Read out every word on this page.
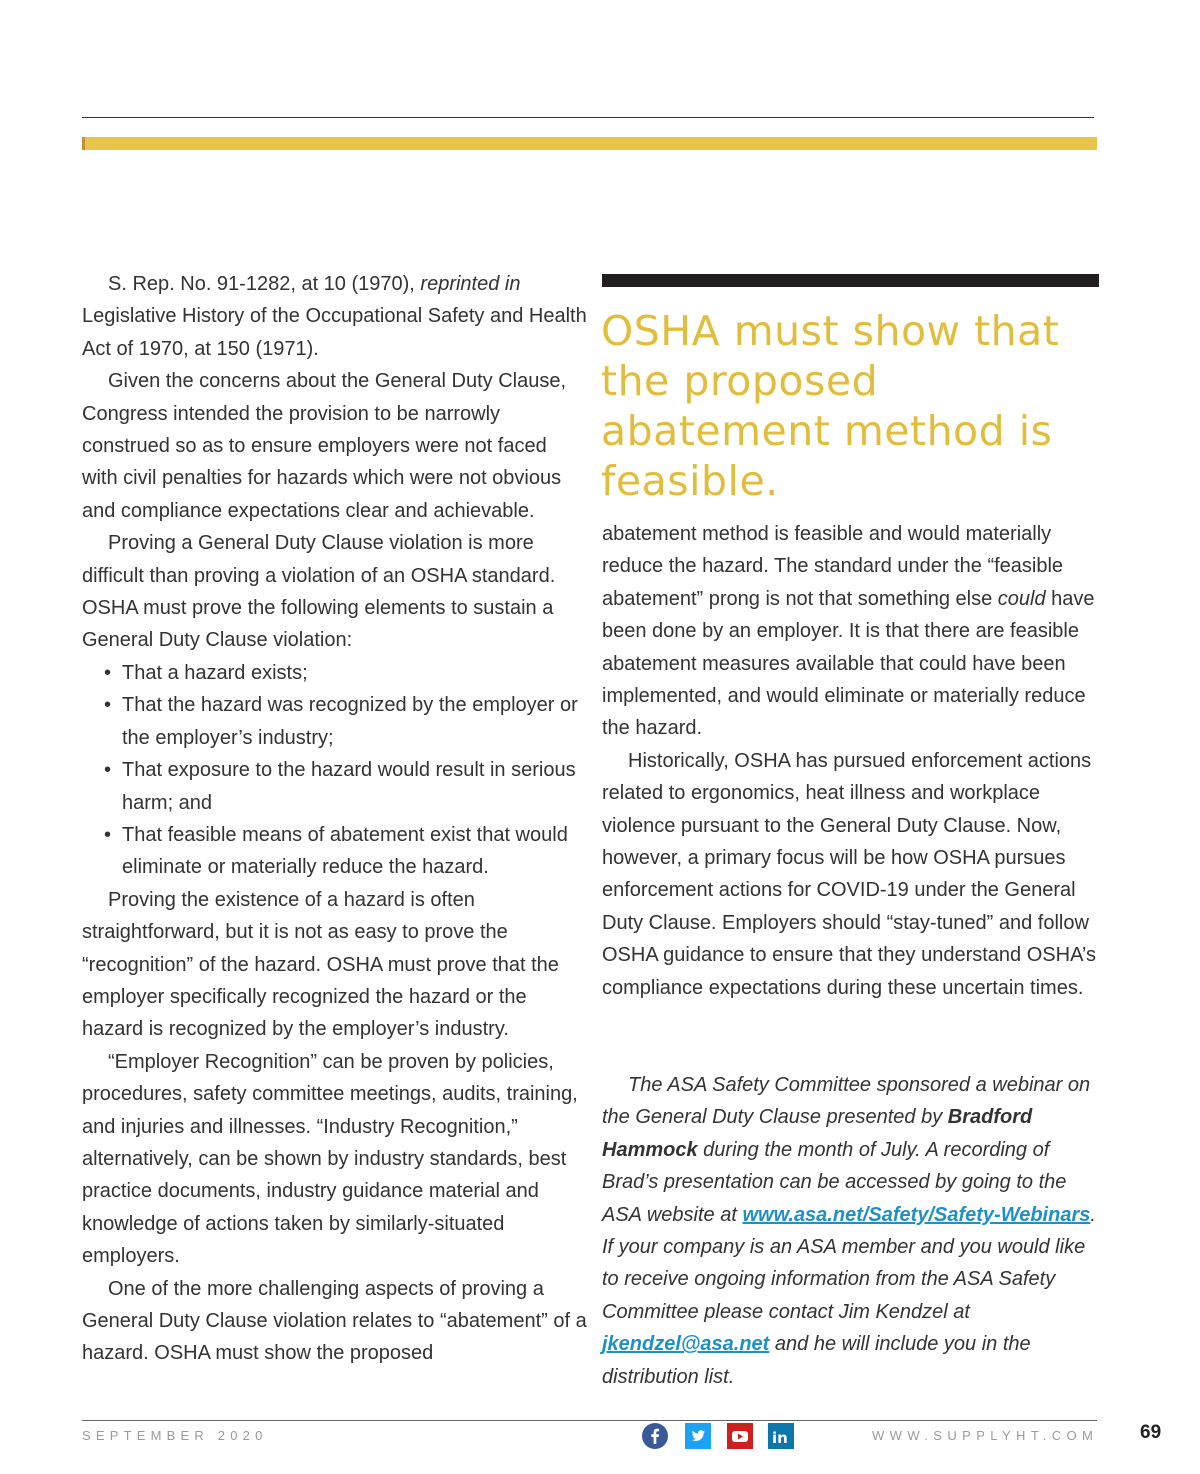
S. Rep. No. 91-1282, at 10 (1970), reprinted in

Legislative History of the Occupational Safety and Health Act of 1970, at 150 (1971).

Given the concerns about the General Duty Clause, Congress intended the provision to be narrowly construed so as to ensure employers were not faced with civil penalties for hazards which were not obvious and compliance expectations clear and achievable.

Proving a General Duty Clause violation is more difficult than proving a violation of an OSHA standard. OSHA must prove the following elements to sustain a General Duty Clause violation:

• That a hazard exists;
• That the hazard was recognized by the employer or the employer’s industry;
• That exposure to the hazard would result in serious harm; and
• That feasible means of abatement exist that would eliminate or materially reduce the hazard.

Proving the existence of a hazard is often straightforward, but it is not as easy to prove the “recognition” of the hazard. OSHA must prove that the employer specifically recognized the hazard or the hazard is recognized by the employer’s industry.

“Employer Recognition” can be proven by policies, procedures, safety committee meetings, audits, training, and injuries and illnesses. “Industry Recognition,” alternatively, can be shown by industry standards, best practice documents, industry guidance material and knowledge of actions taken by similarly-situated employers.

One of the more challenging aspects of proving a General Duty Clause violation relates to “abatement” of a hazard. OSHA must show the proposed

OSHA must show that the proposed abatement method is feasible.

abatement method is feasible and would materially reduce the hazard. The standard under the “feasible abatement” prong is not that something else could have been done by an employer. It is that there are feasible abatement measures available that could have been implemented, and would eliminate or materially reduce the hazard.

Historically, OSHA has pursued enforcement actions related to ergonomics, heat illness and workplace violence pursuant to the General Duty Clause. Now, however, a primary focus will be how OSHA pursues enforcement actions for COVID-19 under the General Duty Clause. Employers should “stay-tuned” and follow OSHA guidance to ensure that they understand OSHA’s compliance expectations during these uncertain times.

The ASA Safety Committee sponsored a webinar on the General Duty Clause presented by Bradford Hammock during the month of July. A recording of Brad’s presentation can be accessed by going to the ASA website at www.asa.net/Safety/Safety-Webinars. If your company is an ASA member and you would like to receive ongoing information from the ASA Safety Committee please contact Jim Kendzel at jkendzel@asa.net and he will include you in the distribution list.

SEPTEMBER 2020	in	WWW.SUPPLYHT.COM 69
